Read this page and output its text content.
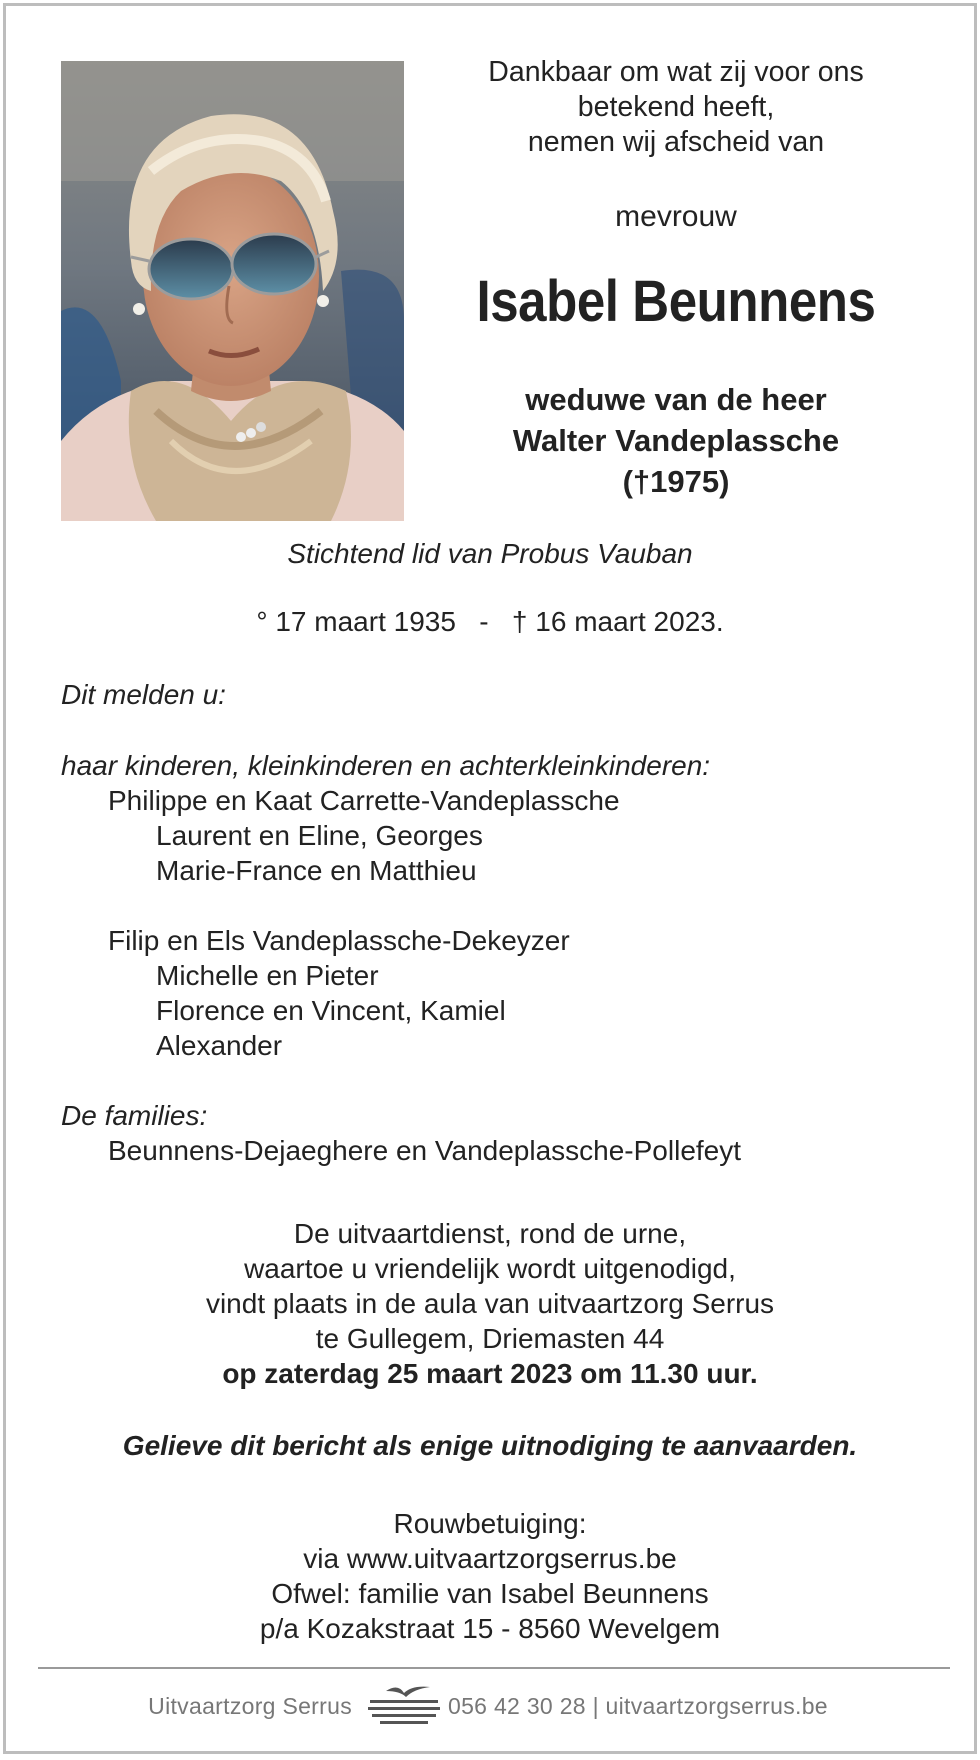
Dankbaar om wat zij voor ons
betekend heeft,
nemen wij afscheid van
mevrouw
Isabel Beunnens
weduwe van de heer
Walter Vandeplassche
(†1975)
Stichtend lid van Probus Vauban
° 17 maart 1935   -   † 16 maart 2023.
Dit melden u:
haar kinderen, kleinkinderen en achterkleinkinderen:
Philippe en Kaat Carrette-Vandeplassche
Laurent en Eline, Georges
Marie-France en Matthieu
Filip en Els Vandeplassche-Dekeyzer
Michelle en Pieter
Florence en Vincent, Kamiel
Alexander
De families:
Beunnens-Dejaeghere en Vandeplassche-Pollefeyt
De uitvaartdienst, rond de urne,
waartoe u vriendelijk wordt uitgenodigd,
vindt plaats in de aula van uitvaartzorg Serrus
te Gullegem, Driemasten 44
op zaterdag 25 maart 2023 om 11.30 uur.
Gelieve dit bericht als enige uitnodiging te aanvaarden.
Rouwbetuiging:
via www.uitvaartzorgserrus.be
Ofwel: familie van Isabel Beunnens
p/a Kozakstraat 15 - 8560 Wevelgem
Uitvaartzorg Serrus	056 42 30 28 | uitvaartzorgserrus.be
